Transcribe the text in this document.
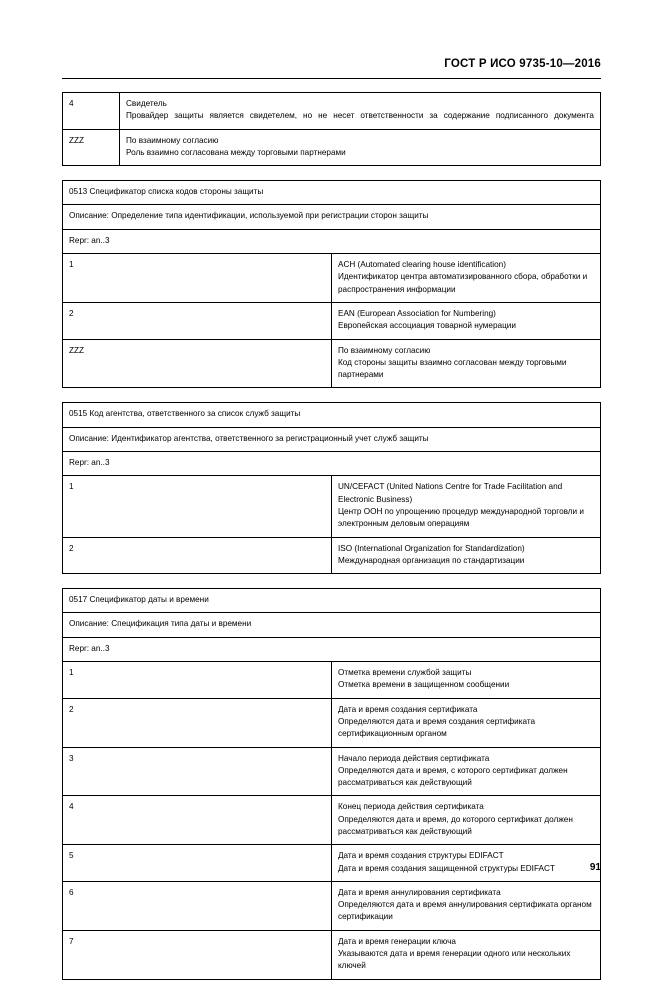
ГОСТ Р ИСО 9735-10—2016
4	Свидетель
Провайдер защиты является свидетелем, но не несет ответственности за содержание подписанного документа

ZZZ	По взаимному согласию
Роль взаимно согласована между торговыми партнерами
0513 Спецификатор списка кодов стороны защиты	
Описание: Определение типа идентификации, используемой при регистрации сторон защиты	
Repr: an..3	
1	ACH (Automated clearing house identification)
Идентификатор центра автоматизированного сбора, обработки и распространения информации

2	EAN (European Association for Numbering)
Европейская ассоциация товарной нумерации

ZZZ	По взаимному согласию
Код стороны защиты взаимно согласован между торговыми партнерами
0515 Код агентства, ответственного за список служб защиты	
Описание: Идентификатор агентства, ответственного за регистрационный учет служб защиты	
Repr: an..3	
1	UN/CEFACT (United Nations Centre for Trade Facilitation and Electronic Business)
Центр ООН по упрощению процедур международной торговли и электронным деловым операциям

2	ISO (International Organization for Standardization)
Международная организация по стандартизации
0517 Спецификатор даты и времени	
Описание: Спецификация типа даты и времени	
Repr: an..3	
1	Отметка времени службой защиты
Отметка времени в защищенном сообщении

2	Дата и время создания сертификата
Определяются дата и время создания сертификата сертификационным органом

3	Начало периода действия сертификата
Определяются дата и время, с которого сертификат должен рассматриваться как действующий

4	Конец периода действия сертификата
Определяются дата и время, до которого сертификат должен рассматриваться как действующий

5	Дата и время создания структуры EDIFACT
Дата и время создания защищенной структуры EDIFACT

6	Дата и время аннулирования сертификата
Определяются дата и время аннулирования сертификата органом сертификации

7	Дата и время генерации ключа
Указываются дата и время генерации одного или нескольких ключей
91
